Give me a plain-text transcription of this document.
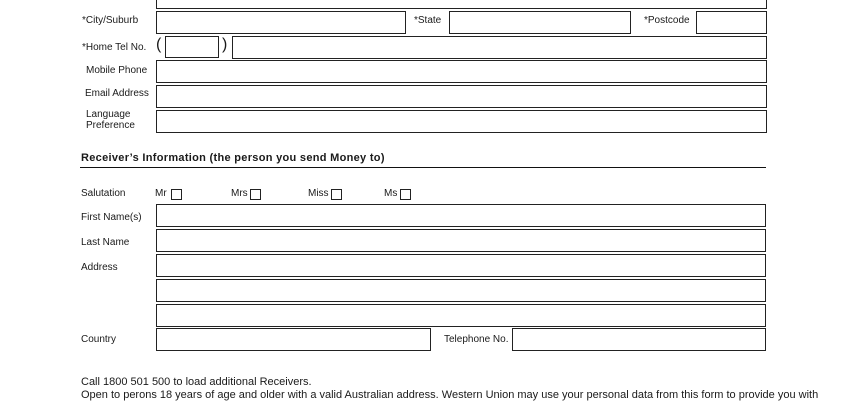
*City/Suburb	*State	*Postcode
*Home Tel No. (	)
Mobile Phone
Email Address
Language
Preference
Receiver’s Information (the person you send Money to)
Salutation	Mr	Mrs	Miss	Ms
First Name(s)
Last Name
Address
Country	Telephone No.
Call 1800 501 500 to load additional Receivers.
Open to perons 18 years of age and older with a valid Australian address. Western Union may use your personal data from this form to provide you with
